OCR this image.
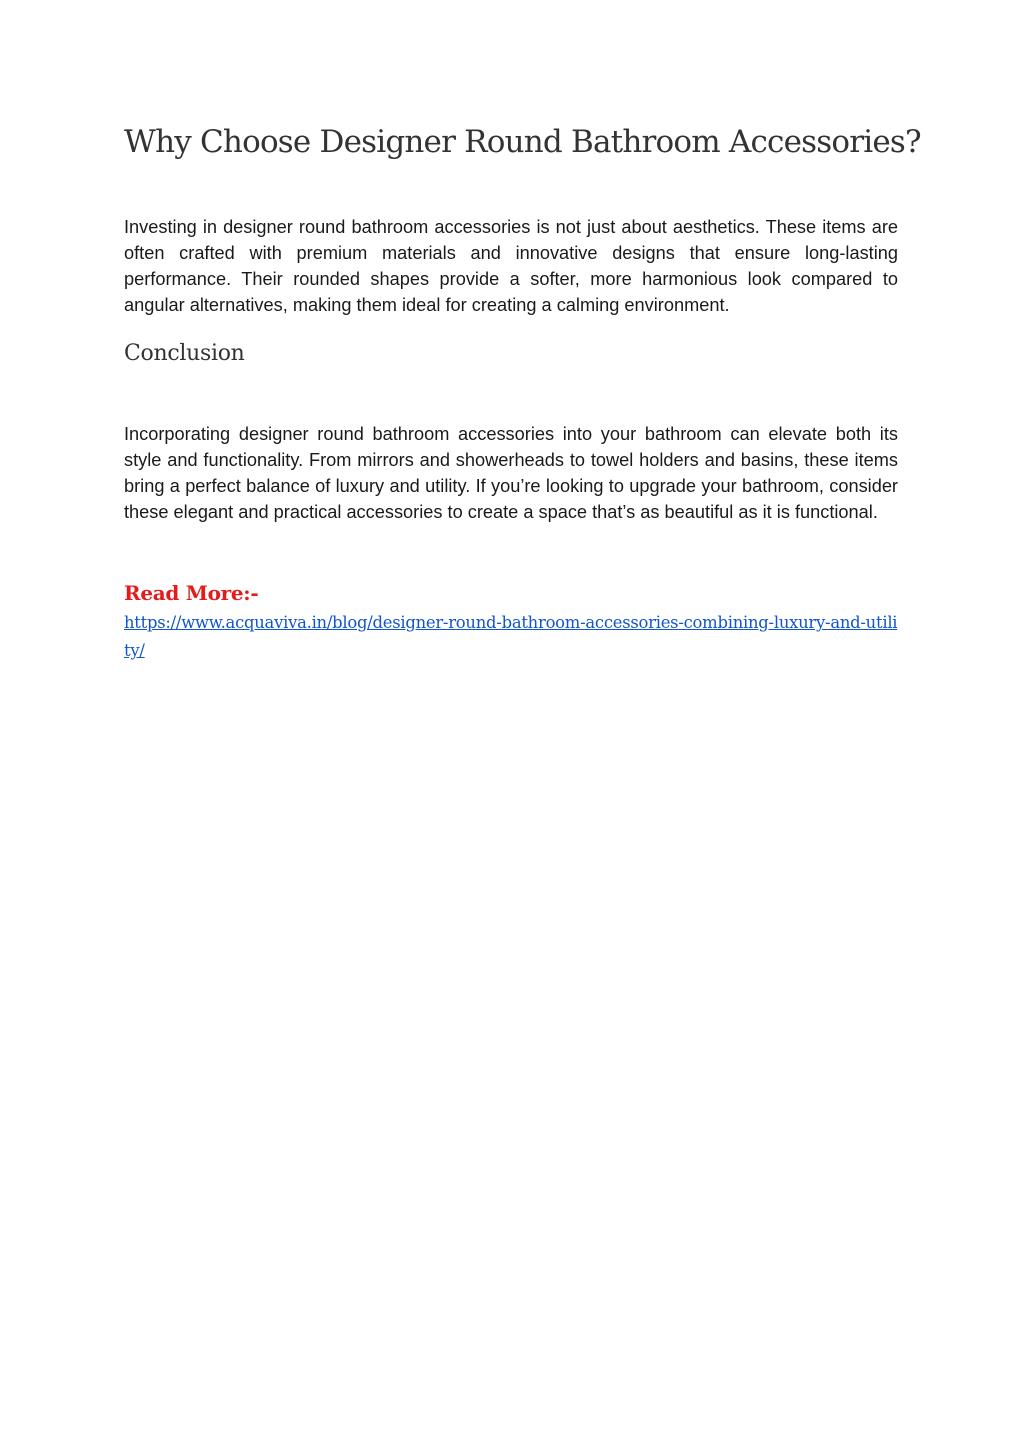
Why Choose Designer Round Bathroom Accessories?

Investing in designer round bathroom accessories is not just about aesthetics. These items are often crafted with premium materials and innovative designs that ensure long-lasting performance. Their rounded shapes provide a softer, more harmonious look compared to angular alternatives, making them ideal for creating a calming environment.

Conclusion

Incorporating designer round bathroom accessories into your bathroom can elevate both its style and functionality. From mirrors and showerheads to towel holders and basins, these items bring a perfect balance of luxury and utility. If you’re looking to upgrade your bathroom, consider these elegant and practical accessories to create a space that’s as beautiful as it is functional.

Read More:-
https://www.acquaviva.in/blog/designer-round-bathroom-accessories-combining-luxury-and-utility/
